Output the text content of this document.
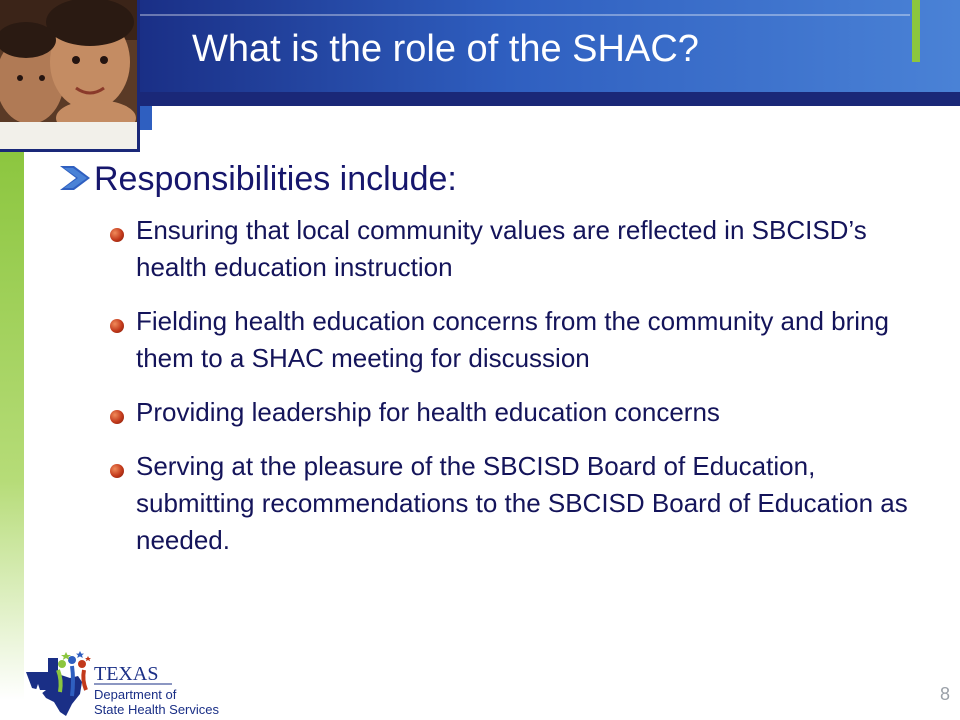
What is the role of the SHAC?
Responsibilities include:
Ensuring that local community values are reflected in SBCISD’s health education instruction
Fielding health education concerns from the community and bring them to a SHAC meeting for discussion
Providing leadership for health education concerns
Serving at the pleasure of the SBCISD Board of Education, submitting recommendations to the SBCISD Board of Education as needed.
TEXAS
Department of
State Health Services
8
